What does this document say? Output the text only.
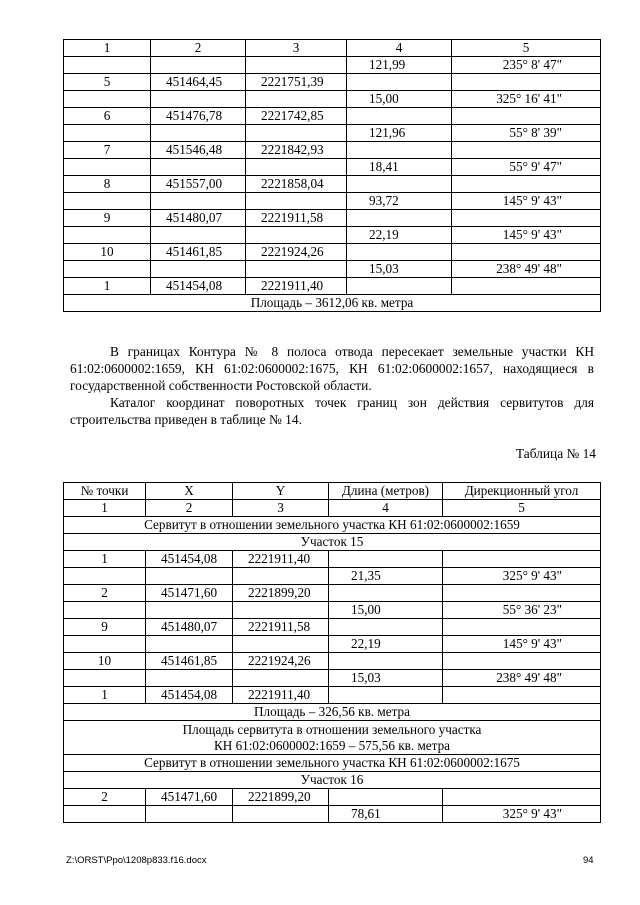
1	2	3	4	5
			121,99	235° 8' 47"
5	451464,45	2221751,39		
			15,00	325° 16' 41"
6	451476,78	2221742,85		
			121,96	55° 8' 39"
7	451546,48	2221842,93		
			18,41	55° 9' 47"
8	451557,00	2221858,04		
			93,72	145° 9' 43"
9	451480,07	2221911,58		
			22,19	145° 9' 43"
10	451461,85	2221924,26		
			15,03	238° 49' 48"
1	451454,08	2221911,40		
Площадь – 3612,06 кв. метра				
В границах Контура № 8 полоса отвода пересекает земельные участки КН 61:02:0600002:1659, КН 61:02:0600002:1675, КН 61:02:0600002:1657, находящиеся в государственной собственности Ростовской области.
Каталог координат поворотных точек границ зон действия сервитутов для строительства приведен в таблице № 14.
Таблица № 14
№ точки	X	Y	Длина (метров)	Дирекционный угол
1	2	3	4	5
Сервитут в отношении земельного участка КН 61:02:0600002:1659				
Участок 15				
1	451454,08	2221911,40		
			21,35	325° 9' 43"
2	451471,60	2221899,20		
			15,00	55° 36' 23"
9	451480,07	2221911,58		
			22,19	145° 9' 43"
10	451461,85	2221924,26		
			15,03	238° 49' 48"
1	451454,08	2221911,40		
Площадь – 326,56 кв. метра				

Площадь сервитута в отношении земельного участка
КН 61:02:0600002:1659 – 575,56 кв. метра				

Сервитут в отношении земельного участка КН 61:02:0600002:1675				
Участок 16				
2	451471,60	2221899,20		
			78,61	325° 9' 43"
Z:\ORST\Ppo\1208p833.f16.docx	94
